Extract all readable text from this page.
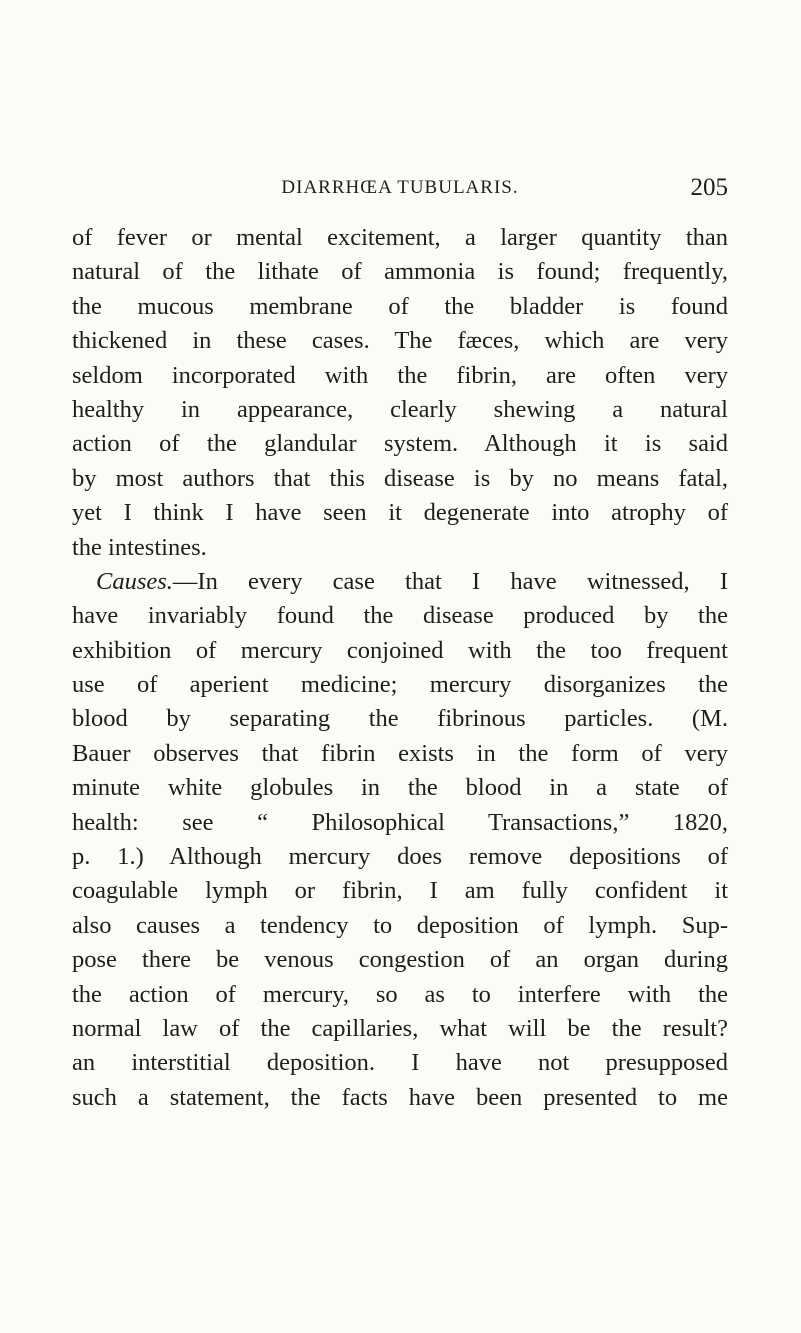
DIARRHŒA TUBULARIS.	205
of fever or mental excitement, a larger quantity than
natural of the lithate of ammonia is found; frequently,
the mucous membrane of the bladder is found
thickened in these cases. The fæces, which are very
seldom incorporated with the fibrin, are often very
healthy in appearance, clearly shewing a natural
action of the glandular system. Although it is said
by most authors that this disease is by no means fatal,
yet I think I have seen it degenerate into atrophy of
the intestines.
Causes.—In every case that I have witnessed, I
have invariably found the disease produced by the
exhibition of mercury conjoined with the too frequent
use of aperient medicine; mercury disorganizes the
blood by separating the fibrinous particles. (M.
Bauer observes that fibrin exists in the form of very
minute white globules in the blood in a state of
health: see “ Philosophical Transactions,” 1820,
p. 1.) Although mercury does remove depositions of
coagulable lymph or fibrin, I am fully confident it
also causes a tendency to deposition of lymph. Sup-
pose there be venous congestion of an organ during
the action of mercury, so as to interfere with the
normal law of the capillaries, what will be the result?
an interstitial deposition. I have not presupposed
such a statement, the facts have been presented to me
